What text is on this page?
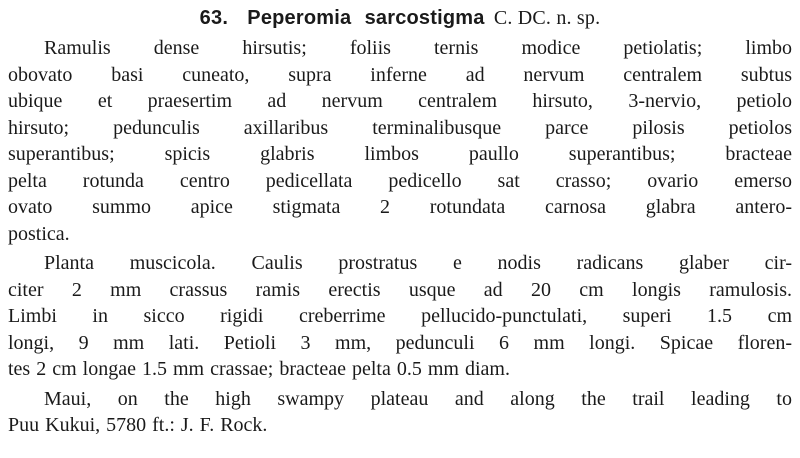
63. Peperomia sarcostigma C. DC. n. sp.
Ramulis dense hirsutis; foliis ternis modice petiolatis; limbo
obovato basi cuneato, supra inferne ad nervum centralem subtus
ubique et praesertim ad nervum centralem hirsuto, 3-nervio, petiolo
hirsuto; pedunculis axillaribus terminalibusque parce pilosis petiolos
superantibus; spicis glabris limbos paullo superantibus; bracteae
pelta rotunda centro pedicellata pedicello sat crasso; ovario emerso
ovato summo apice stigmata 2 rotundata carnosa glabra antero-
postica.
Planta muscicola. Caulis prostratus e nodis radicans glaber cir-
citer 2 mm crassus ramis erectis usque ad 20 cm longis ramulosis.
Limbi in sicco rigidi creberrime pellucido-punctulati, superi 1.5 cm
longi, 9 mm lati. Petioli 3 mm, pedunculi 6 mm longi. Spicae floren-
tes 2 cm longae 1.5 mm crassae; bracteae pelta 0.5 mm diam.
Maui, on the high swampy plateau and along the trail leading to
Puu Kukui, 5780 ft.: J. F. Rock.
